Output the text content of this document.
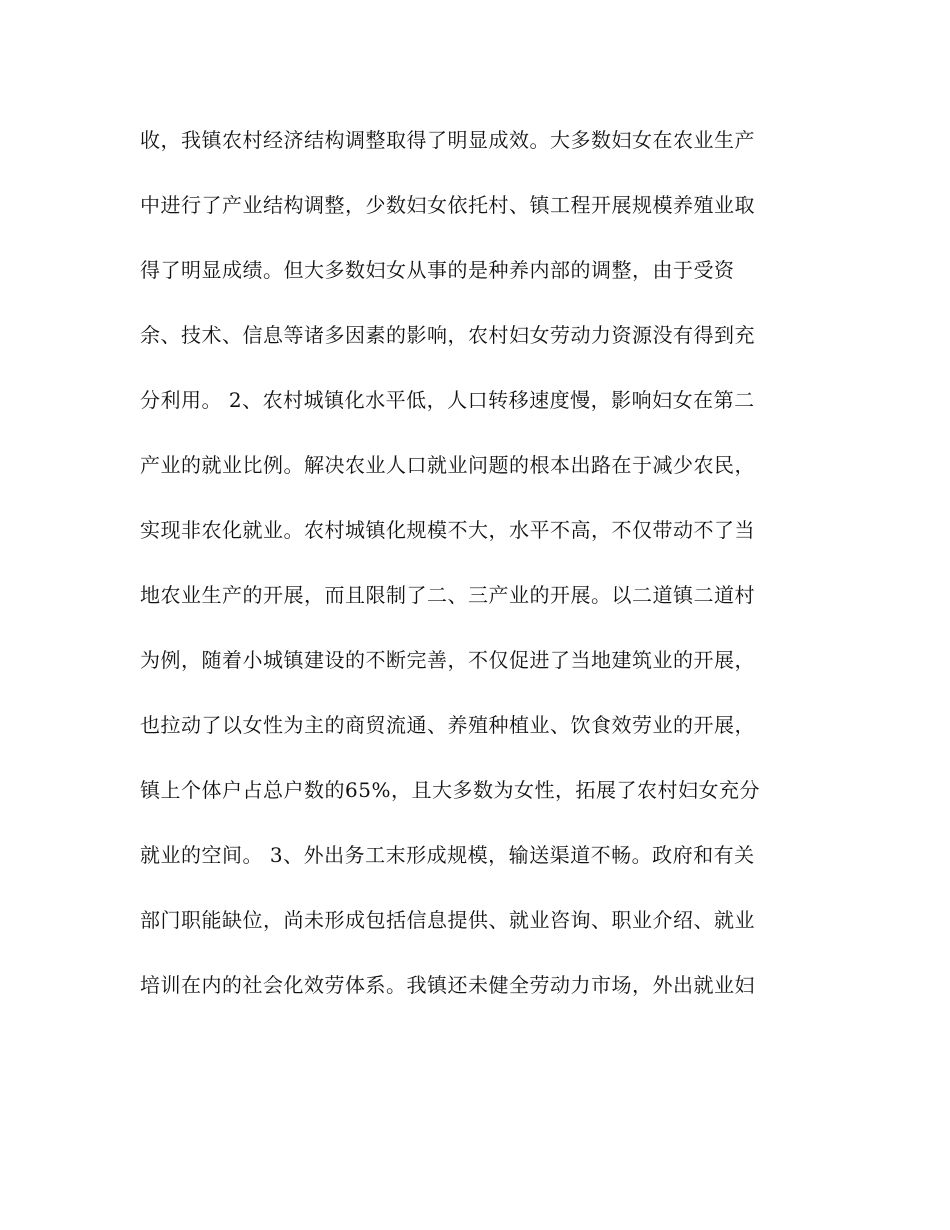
收，我镇农村经济结构调整取得了明显成效。大多数妇女在农业生产
中进行了产业结构调整，少数妇女依托村、镇工程开展规模养殖业取
得了明显成绩。但大多数妇女从事的是种养内部的调整，由于受资
余、技术、信息等诸多因素的影响，农村妇女劳动力资源没有得到充
分利用。 2、农村城镇化水平低，人口转移速度慢，影响妇女在第二
产业的就业比例。解决农业人口就业问题的根本出路在于减少农民，
实现非农化就业。农村城镇化规模不大，水平不高，不仅带动不了当
地农业生产的开展，而且限制了二、三产业的开展。以二道镇二道村
为例，随着小城镇建设的不断完善，不仅促进了当地建筑业的开展，
也拉动了以女性为主的商贸流通、养殖种植业、饮食效劳业的开展，
镇上个体户占总户数的65%，且大多数为女性，拓展了农村妇女充分
就业的空间。 3、外出务工末形成规模，输送渠道不畅。政府和有关
部门职能缺位，尚未形成包括信息提供、就业咨询、职业介绍、就业
培训在内的社会化效劳体系。我镇还未健全劳动力市场，外出就业妇
